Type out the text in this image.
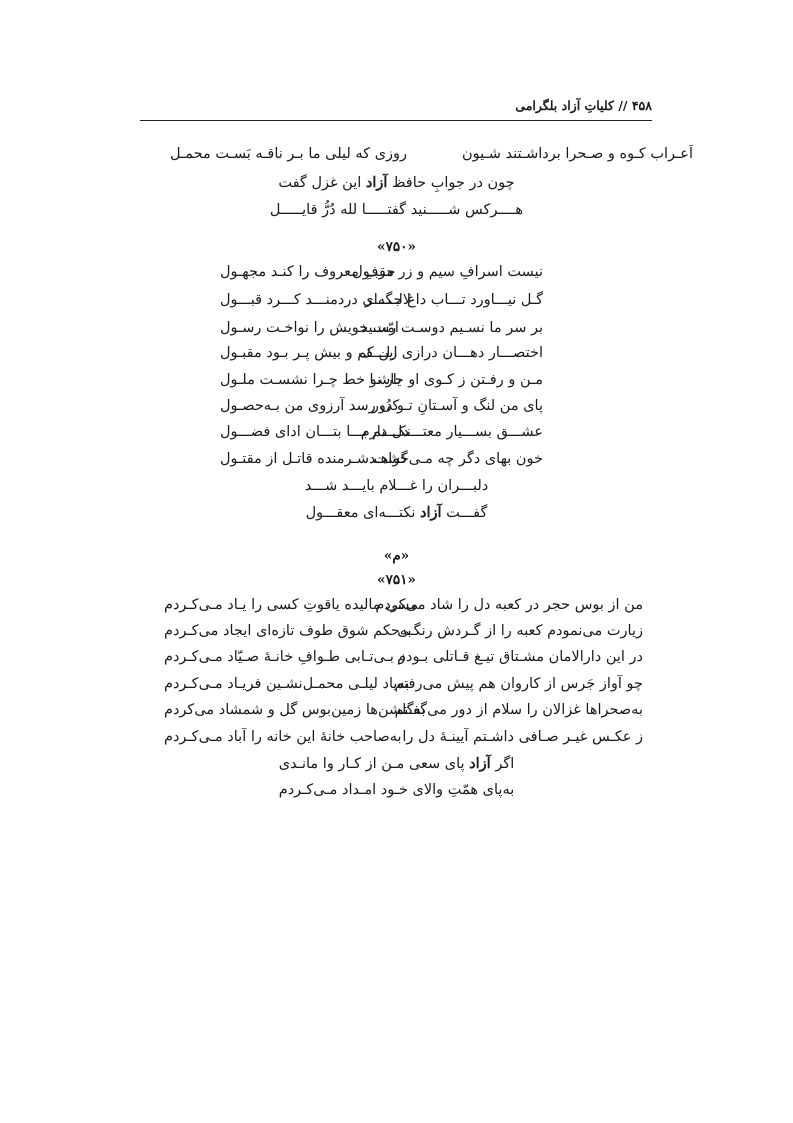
۴۵۸ // کلیاتِ آزاد بلگرامی
اَعـراب کـوه و صـحرا برداشـتند شـیون
روزی که لیلی ما بـر ناقـه بَسـت محمـل
چون در جوابِ حافظ آزاد این غزل گفت
هــــرکس شـــــنید گفتـــــا لله دُرُّ قایـــــل
«۷۵۰»
نیست اسرافِ سیم و زر مقبـول
حرفِ معروف را کنـد مجهـول
گـل نیـــاورد تـــاب داغ جگـــر
لالـــه‌ای دردمنـــد کـــرد قبـــول
بر سر ما نسـیم دوسـت رسـید
امّت خویش را نواخـت رسـول
اختصـــار دهـــان درازی زلـــف
این کم و بیش پـر بـود مقبـول
مـن و رفـتن ز کـوی او حاشـا
یار نو خط چـرا نشسـت ملـول
پای من لنگ و آسـتانِ تـو دُور
کی رسد آرزوی من بـه‌حصـول
عشـــق بســـیار معتـــدل دارم
نکـــنم بـــا بتـــان ادای فضـــول
خون بهای دگر چه مـی‌خواهـد
گشت شـرمنده قاتـل از مقتـول
دلبـــران را غـــلام بایـــد شـــد
گفـــت آزاد نکتـــه‌ای معقـــول
«م»
«۷۵۱»
من از بوس حجر در کعبه دل را شاد می‌کردم
مسی مالیده یاقوتِ کسی را یـاد مـی‌کـردم
زیارت می‌نمودم کعبه را از گـردش رنگـی
به‌حکم شوق طوف تازه‌ای ایجاد می‌کـردم
در این دارالامان مشـتاق تیـغ قـاتلی بـودم
ز بـی‌تـابی طـوافِ خانـهٔ صـیّاد مـی‌کـردم
چو آواز جَرس از کاروان هم پیش می‌رفتم
به‌یاد لیلـی محمـل‌نشـین فریـاد مـی‌کـردم
به‌صحراها غزالان را سلام از دور می‌گفـتم
به‌گلشن‌ها زمین‌بوس گل و شمشاد می‌کردم
ز عکـس غیـر صـافی داشـتم آیینـهٔ دل را
به‌صاحب خانهٔ این خانه را آباد مـی‌کـردم
اگر آزاد پای سعی مـن از کـار وا مانـدی
به‌پای همّتِ والای خـود امـداد مـی‌کـردم
